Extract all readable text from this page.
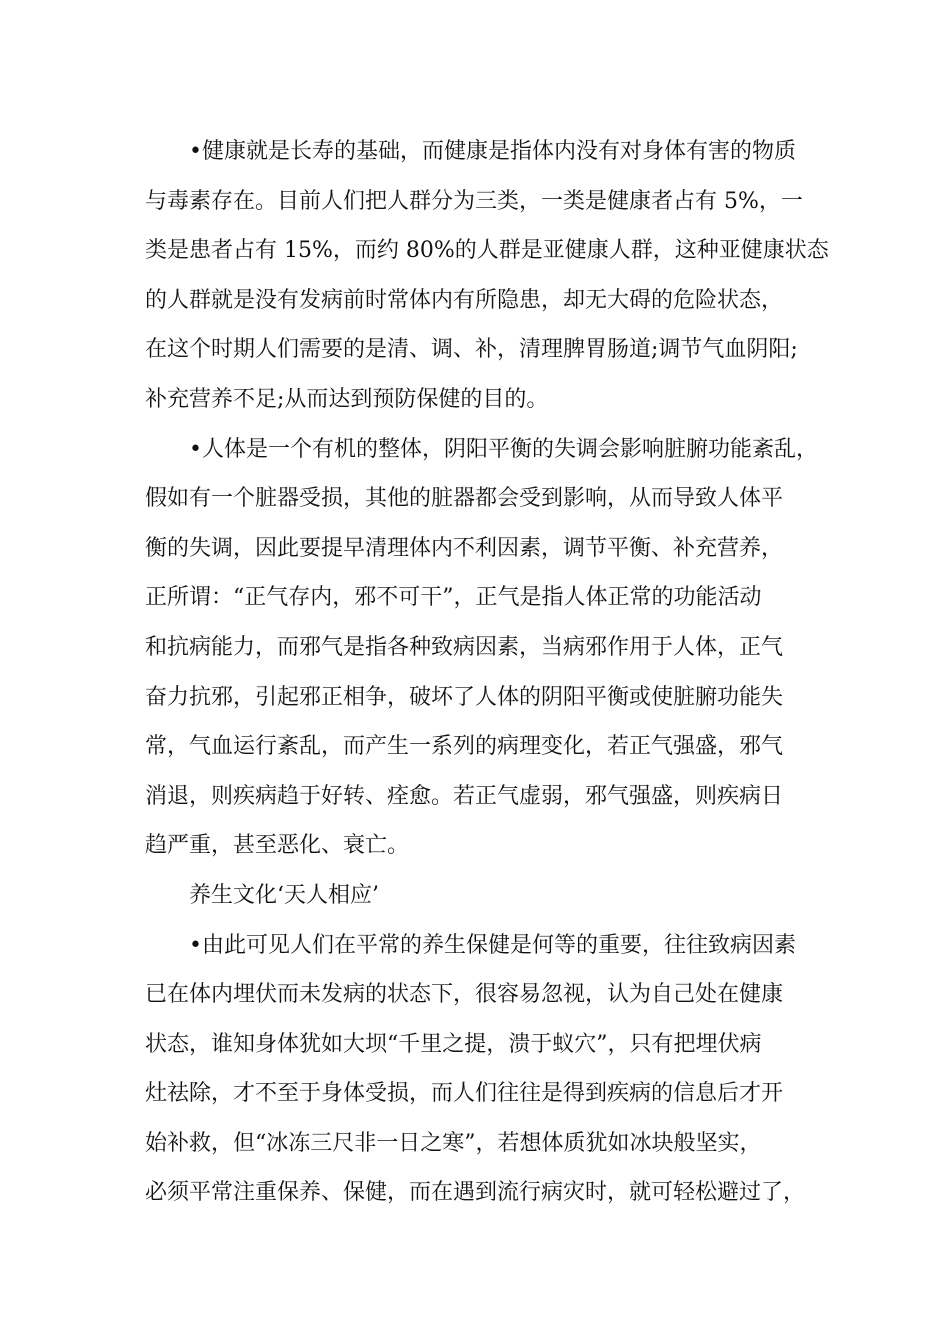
•健康就是长寿的基础，而健康是指体内没有对身体有害的物质
与毒素存在。目前人们把人群分为三类，一类是健康者占有 5%，一
类是患者占有 15%，而约 80%的人群是亚健康人群，这种亚健康状态
的人群就是没有发病前时常体内有所隐患，却无大碍的危险状态，
在这个时期人们需要的是清、调、补，清理脾胃肠道;调节气血阴阳;
补充营养不足;从而达到预防保健的目的。

•人体是一个有机的整体，阴阳平衡的失调会影响脏腑功能紊乱，
假如有一个脏器受损，其他的脏器都会受到影响，从而导致人体平
衡的失调，因此要提早清理体内不利因素，调节平衡、补充营养，
正所谓：“正气存内，邪不可干”，正气是指人体正常的功能活动
和抗病能力，而邪气是指各种致病因素，当病邪作用于人体，正气
奋力抗邪，引起邪正相争，破坏了人体的阴阳平衡或使脏腑功能失
常，气血运行紊乱，而产生一系列的病理变化，若正气强盛，邪气
消退，则疾病趋于好转、痊愈。若正气虚弱，邪气强盛，则疾病日
趋严重，甚至恶化、衰亡。

养生文化‘天人相应’

•由此可见人们在平常的养生保健是何等的重要，往往致病因素
已在体内埋伏而未发病的状态下，很容易忽视，认为自己处在健康
状态，谁知身体犹如大坝“千里之提，溃于蚁穴”，只有把埋伏病
灶祛除，才不至于身体受损，而人们往往是得到疾病的信息后才开
始补救，但“冰冻三尺非一日之寒”，若想体质犹如冰块般坚实，
必须平常注重保养、保健，而在遇到流行病灾时，就可轻松避过了，
